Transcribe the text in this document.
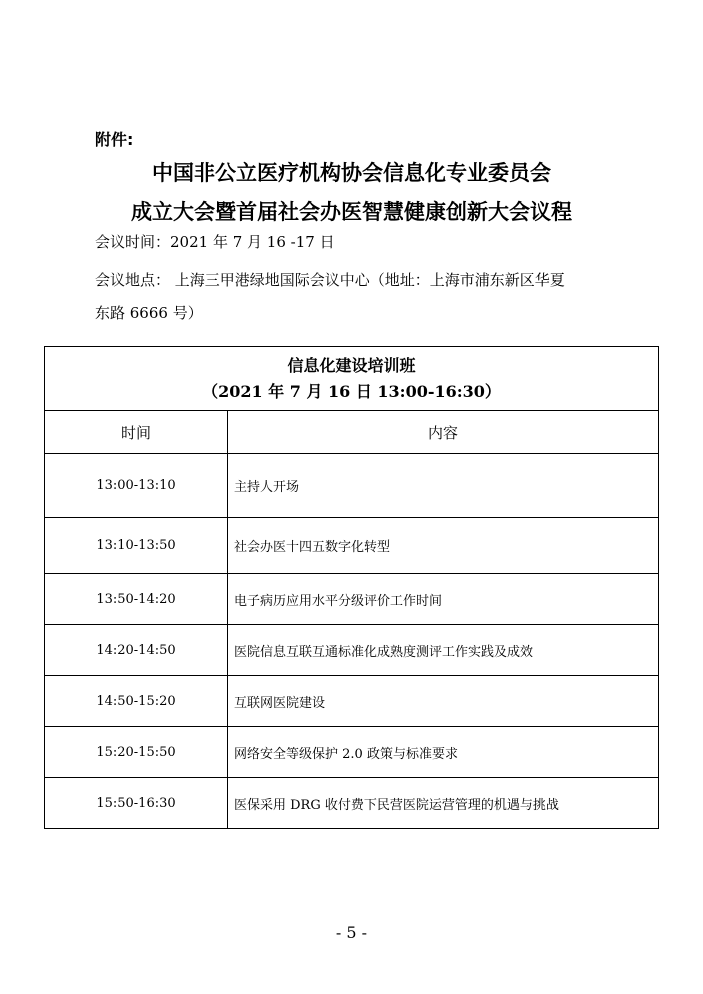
附件:
中国非公立医疗机构协会信息化专业委员会
成立大会暨首届社会办医智慧健康创新大会议程
会议时间：2021 年 7 月 16 -17 日
会议地点： 上海三甲港绿地国际会议中心（地址：上海市浦东新区华夏
东路 6666 号）
信息化建设培训班
（2021 年 7 月 16 日 13:00-16:30）	

时间	内容
13:00-13:10	主持人开场
13:10-13:50	社会办医十四五数字化转型
13:50-14:20	电子病历应用水平分级评价工作时间
14:20-14:50	医院信息互联互通标准化成熟度测评工作实践及成效
14:50-15:20	互联网医院建设
15:20-15:50	网络安全等级保护 2.0 政策与标准要求
15:50-16:30	医保采用 DRG 收付费下民营医院运营管理的机遇与挑战
- 5 -
